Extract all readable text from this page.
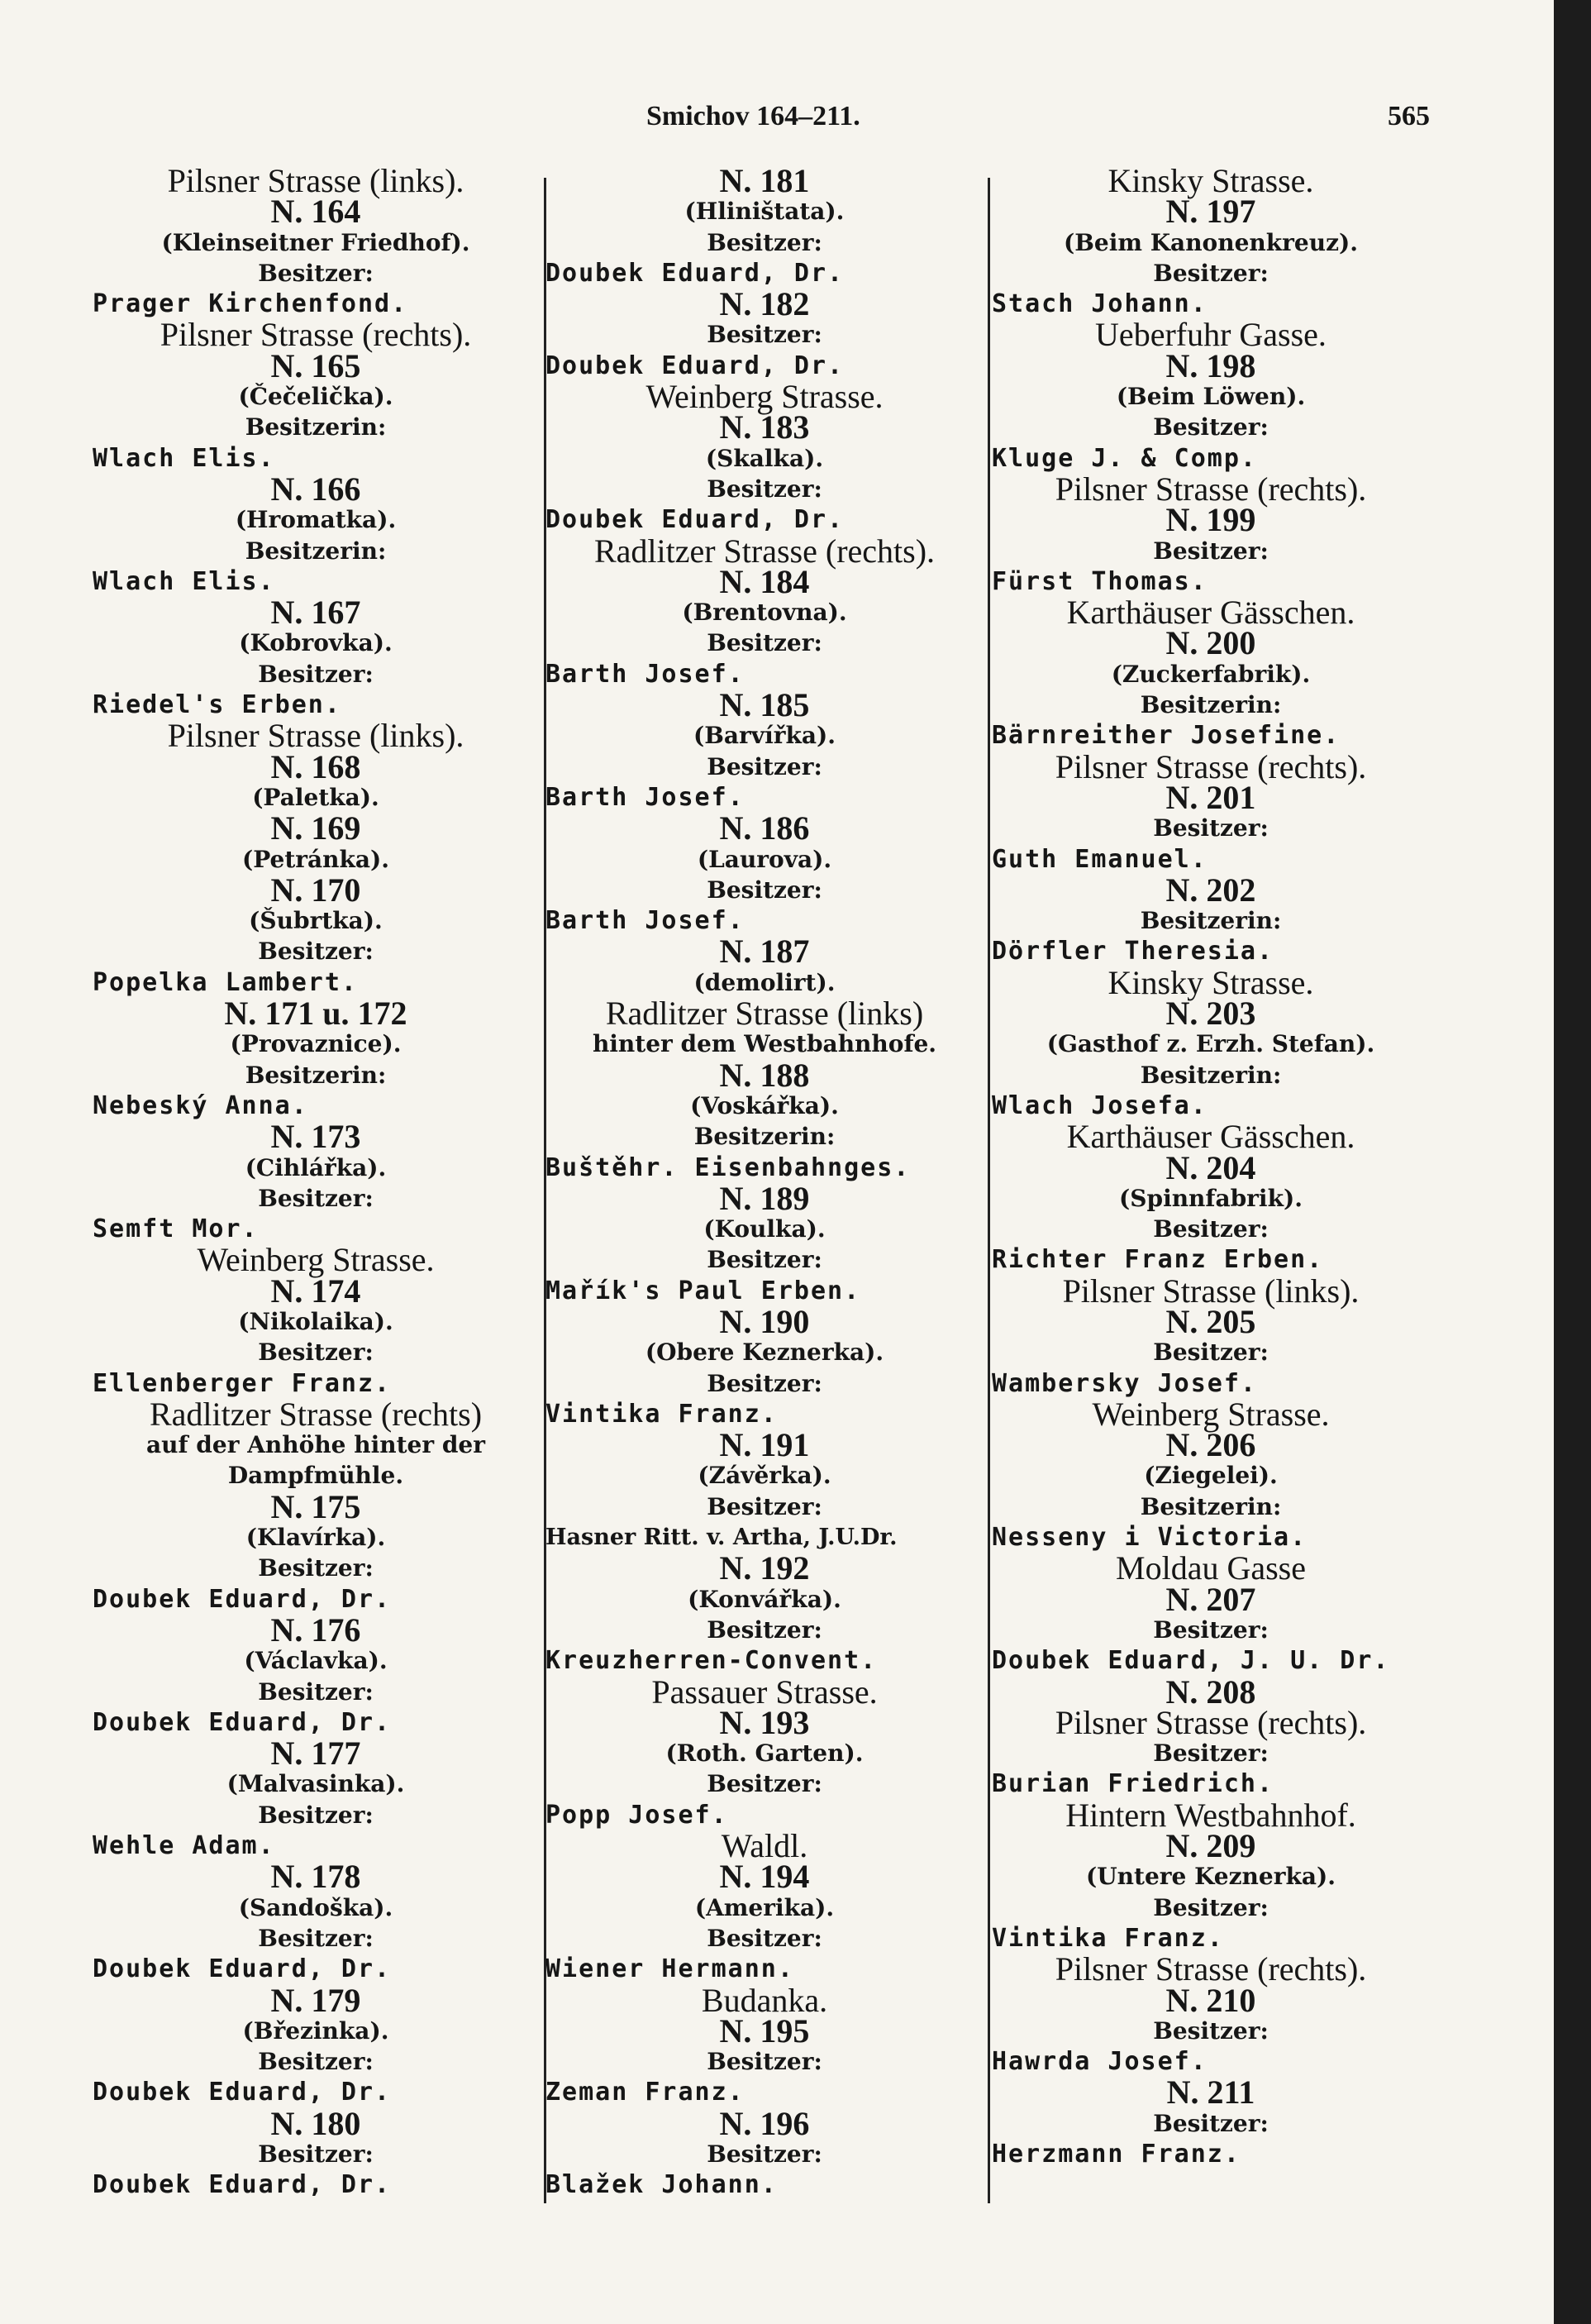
Smichov 164–211.	565
Pilsner Strasse (links).
N. 164
(Kleinseitner Friedhof).
Besitzer:
Prager Kirchenfond.
Pilsner Strasse (rechts).
N. 165
(Čečelička).
Besitzerin:
Wlach Elis.
N. 166
(Hromatka).
Besitzerin:
Wlach Elis.
N. 167
(Kobrovka).
Besitzer:
Riedel's Erben.
Pilsner Strasse (links).
N. 168
(Paletka).
N. 169
(Petránka).
N. 170
(Šubrtka).
Besitzer:
Popelka Lambert.
N. 171 u. 172
(Provaznice).
Besitzerin:
Nebeský Anna.
N. 173
(Cihlářka).
Besitzer:
Semft Mor.
Weinberg Strasse.
N. 174
(Nikolaika).
Besitzer:
Ellenberger Franz.
Radlitzer Strasse (rechts)
auf der Anhöhe hinter der
Dampfmühle.
N. 175
(Klavírka).
Besitzer:
Doubek Eduard, Dr.
N. 176
(Václavka).
Besitzer:
Doubek Eduard, Dr.
N. 177
(Malvasinka).
Besitzer:
Wehle Adam.
N. 178
(Sandoška).
Besitzer:
Doubek Eduard, Dr.
N. 179
(Březinka).
Besitzer:
Doubek Eduard, Dr.
N. 180
Besitzer:
Doubek Eduard, Dr.
N. 181
(Hliništata).
Besitzer:
Doubek Eduard, Dr.
N. 182
Besitzer:
Doubek Eduard, Dr.
Weinberg Strasse.
N. 183
(Skalka).
Besitzer:
Doubek Eduard, Dr.
Radlitzer Strasse (rechts).
N. 184
(Brentovna).
Besitzer:
Barth Josef.
N. 185
(Barvířka).
Besitzer:
Barth Josef.
N. 186
(Laurova).
Besitzer:
Barth Josef.
N. 187
(demolirt).
Radlitzer Strasse (links)
hinter dem Westbahnhofe.
N. 188
(Voskářka).
Besitzerin:
Buštěhr. Eisenbahnges.
N. 189
(Koulka).
Besitzer:
Mařík's Paul Erben.
N. 190
(Obere Keznerka).
Besitzer:
Vintika Franz.
N. 191
(Závěrka).
Besitzer:
Hasner Ritt. v. Artha, J.U.Dr.
N. 192
(Konvářka).
Besitzer:
Kreuzherren-Convent.
Passauer Strasse.
N. 193
(Roth. Garten).
Besitzer:
Popp Josef.
Waldl.
N. 194
(Amerika).
Besitzer:
Wiener Hermann.
Budanka.
N. 195
Besitzer:
Zeman Franz.
N. 196
Besitzer:
Blažek Johann.
Kinsky Strasse.
N. 197
(Beim Kanonenkreuz).
Besitzer:
Stach Johann.
Ueberfuhr Gasse.
N. 198
(Beim Löwen).
Besitzer:
Kluge J. & Comp.
Pilsner Strasse (rechts).
N. 199
Besitzer:
Fürst Thomas.
Karthäuser Gässchen.
N. 200
(Zuckerfabrik).
Besitzerin:
Bärnreither Josefine.
Pilsner Strasse (rechts).
N. 201
Besitzer:
Guth Emanuel.
N. 202
Besitzerin:
Dörfler Theresia.
Kinsky Strasse.
N. 203
(Gasthof z. Erzh. Stefan).
Besitzerin:
Wlach Josefa.
Karthäuser Gässchen.
N. 204
(Spinnfabrik).
Besitzer:
Richter Franz Erben.
Pilsner Strasse (links).
N. 205
Besitzer:
Wambersky Josef.
Weinberg Strasse.
N. 206
(Ziegelei).
Besitzerin:
Nesseny i Victoria.
Moldau Gasse
N. 207
Besitzer:
Doubek Eduard, J. U. Dr.
N. 208
Pilsner Strasse (rechts).
Besitzer:
Burian Friedrich.
Hintern Westbahnhof.
N. 209
(Untere Keznerka).
Besitzer:
Vintika Franz.
Pilsner Strasse (rechts).
N. 210
Besitzer:
Hawrda Josef.
N. 211
Besitzer:
Herzmann Franz.
